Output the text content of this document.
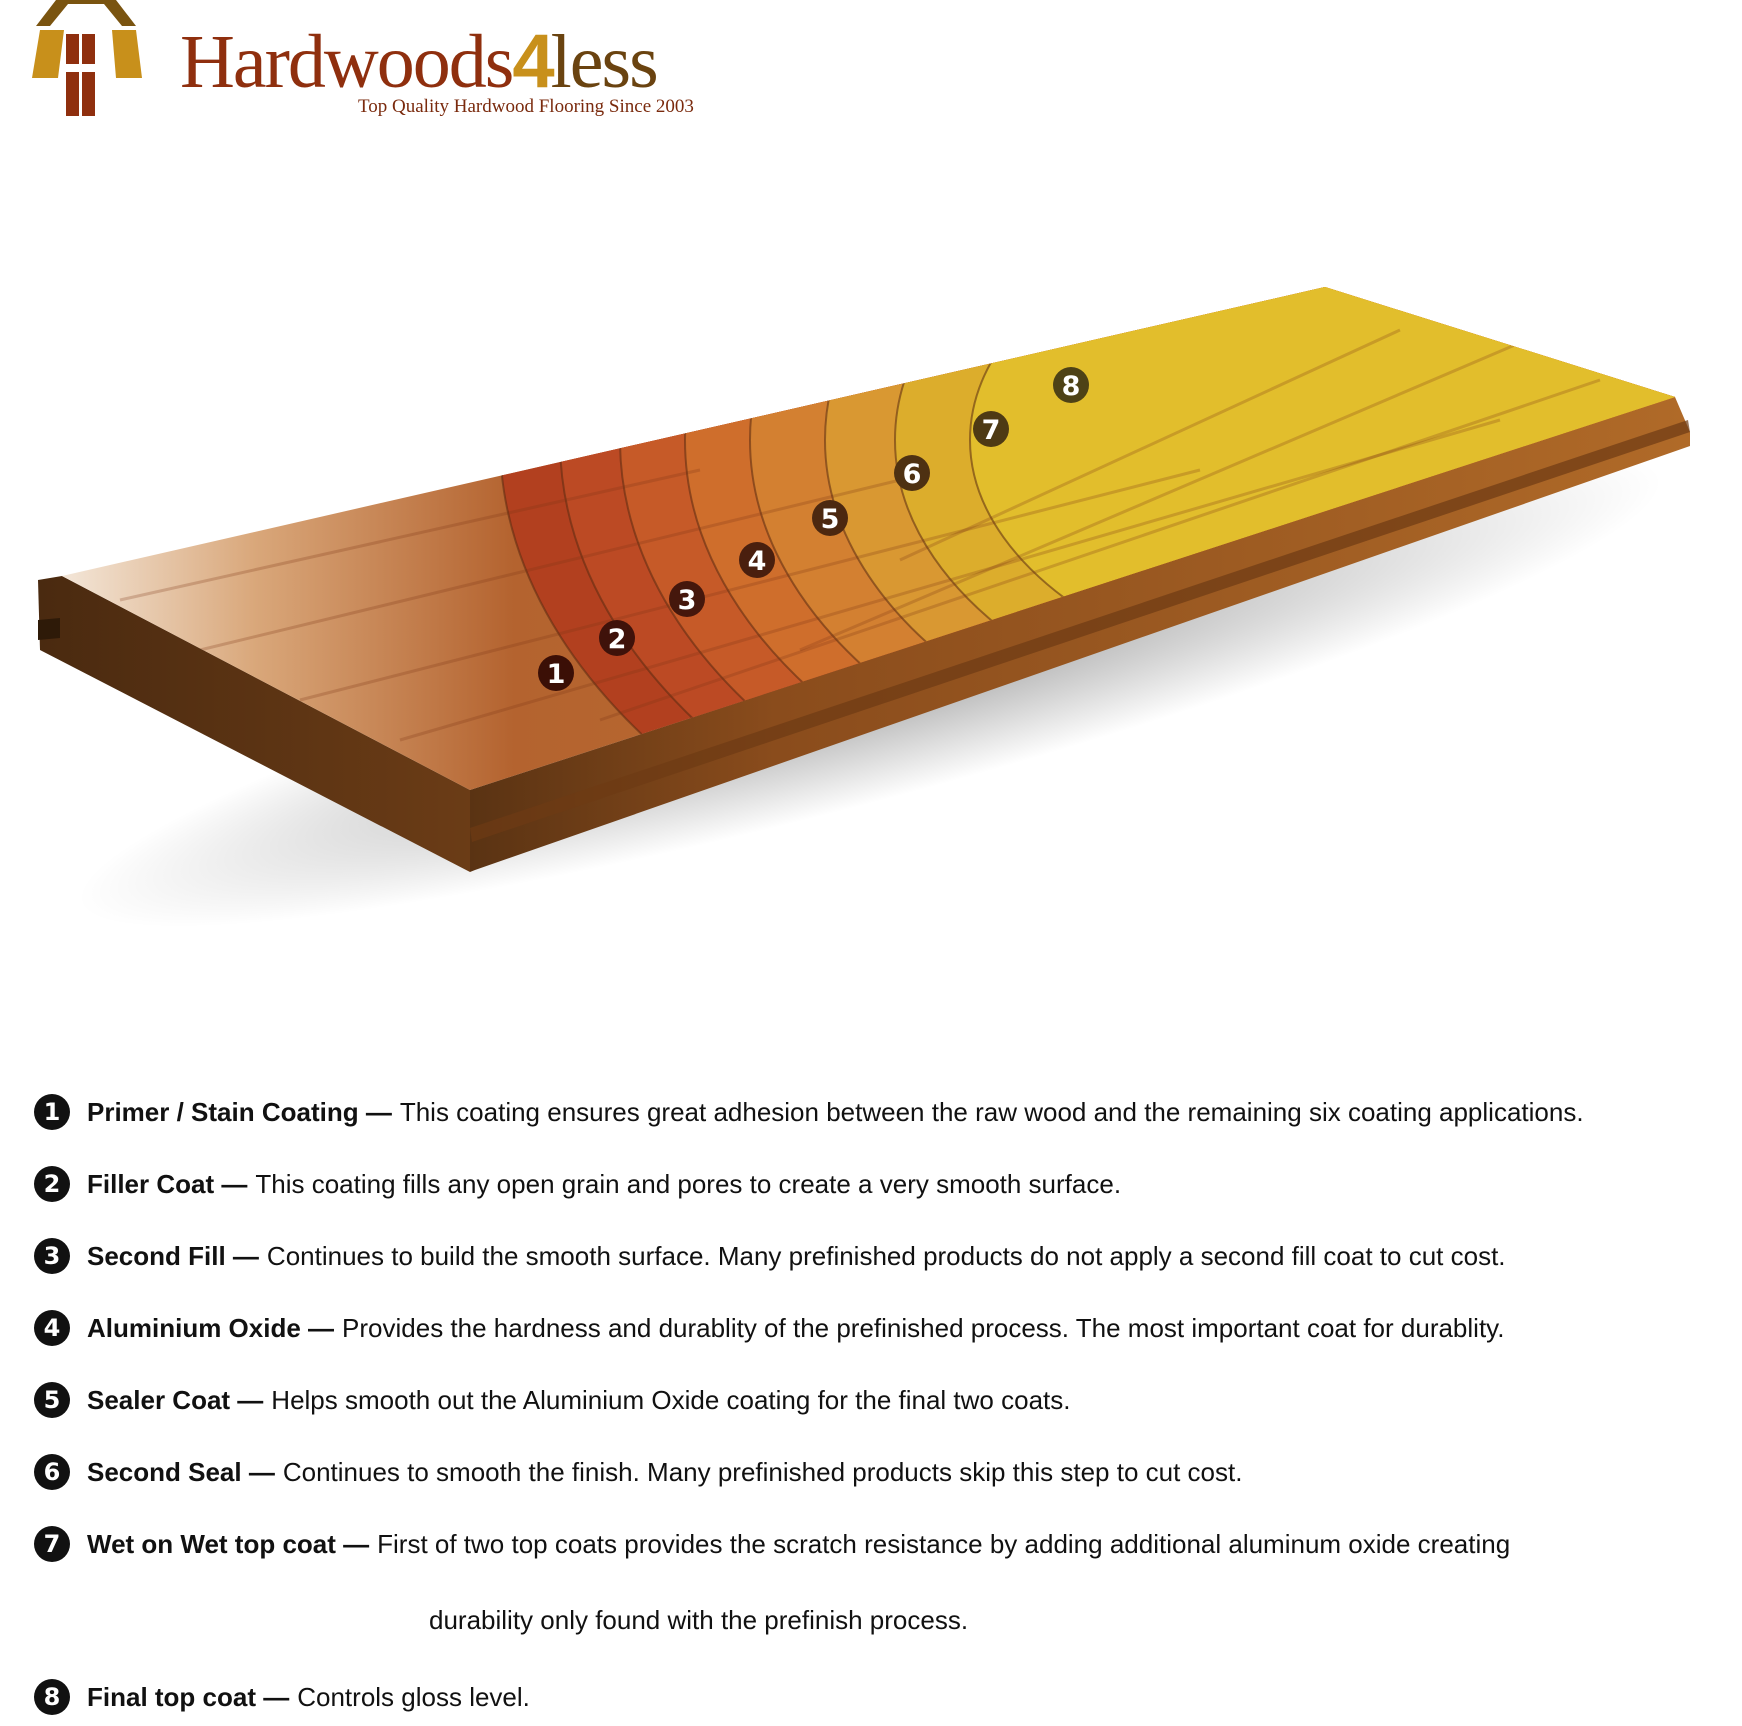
Hardwoods4less
Top Quality Hardwood Flooring Since 2003
1
2
3
4
5
6
7
8
1	Primer / Stain Coating — This coating ensures great adhesion between the raw wood and the remaining six coating applications.
2	Filler Coat — This coating fills any open grain and pores to create a very smooth surface.
3	Second Fill — Continues to build the smooth surface. Many prefinished products do not apply a second fill coat to cut cost.
4	Aluminium Oxide — Provides the hardness and durablity of the prefinished process. The most important coat for durablity.
5	Sealer Coat — Helps smooth out the Aluminium Oxide coating for the final two coats.
6	Second Seal — Continues to smooth the finish. Many prefinished products skip this step to cut cost.
7	Wet on Wet top coat — First of two top coats provides the scratch resistance by adding additional aluminum oxide creating
durability only found with the prefinish process.
8	Final top coat — Controls gloss level.
